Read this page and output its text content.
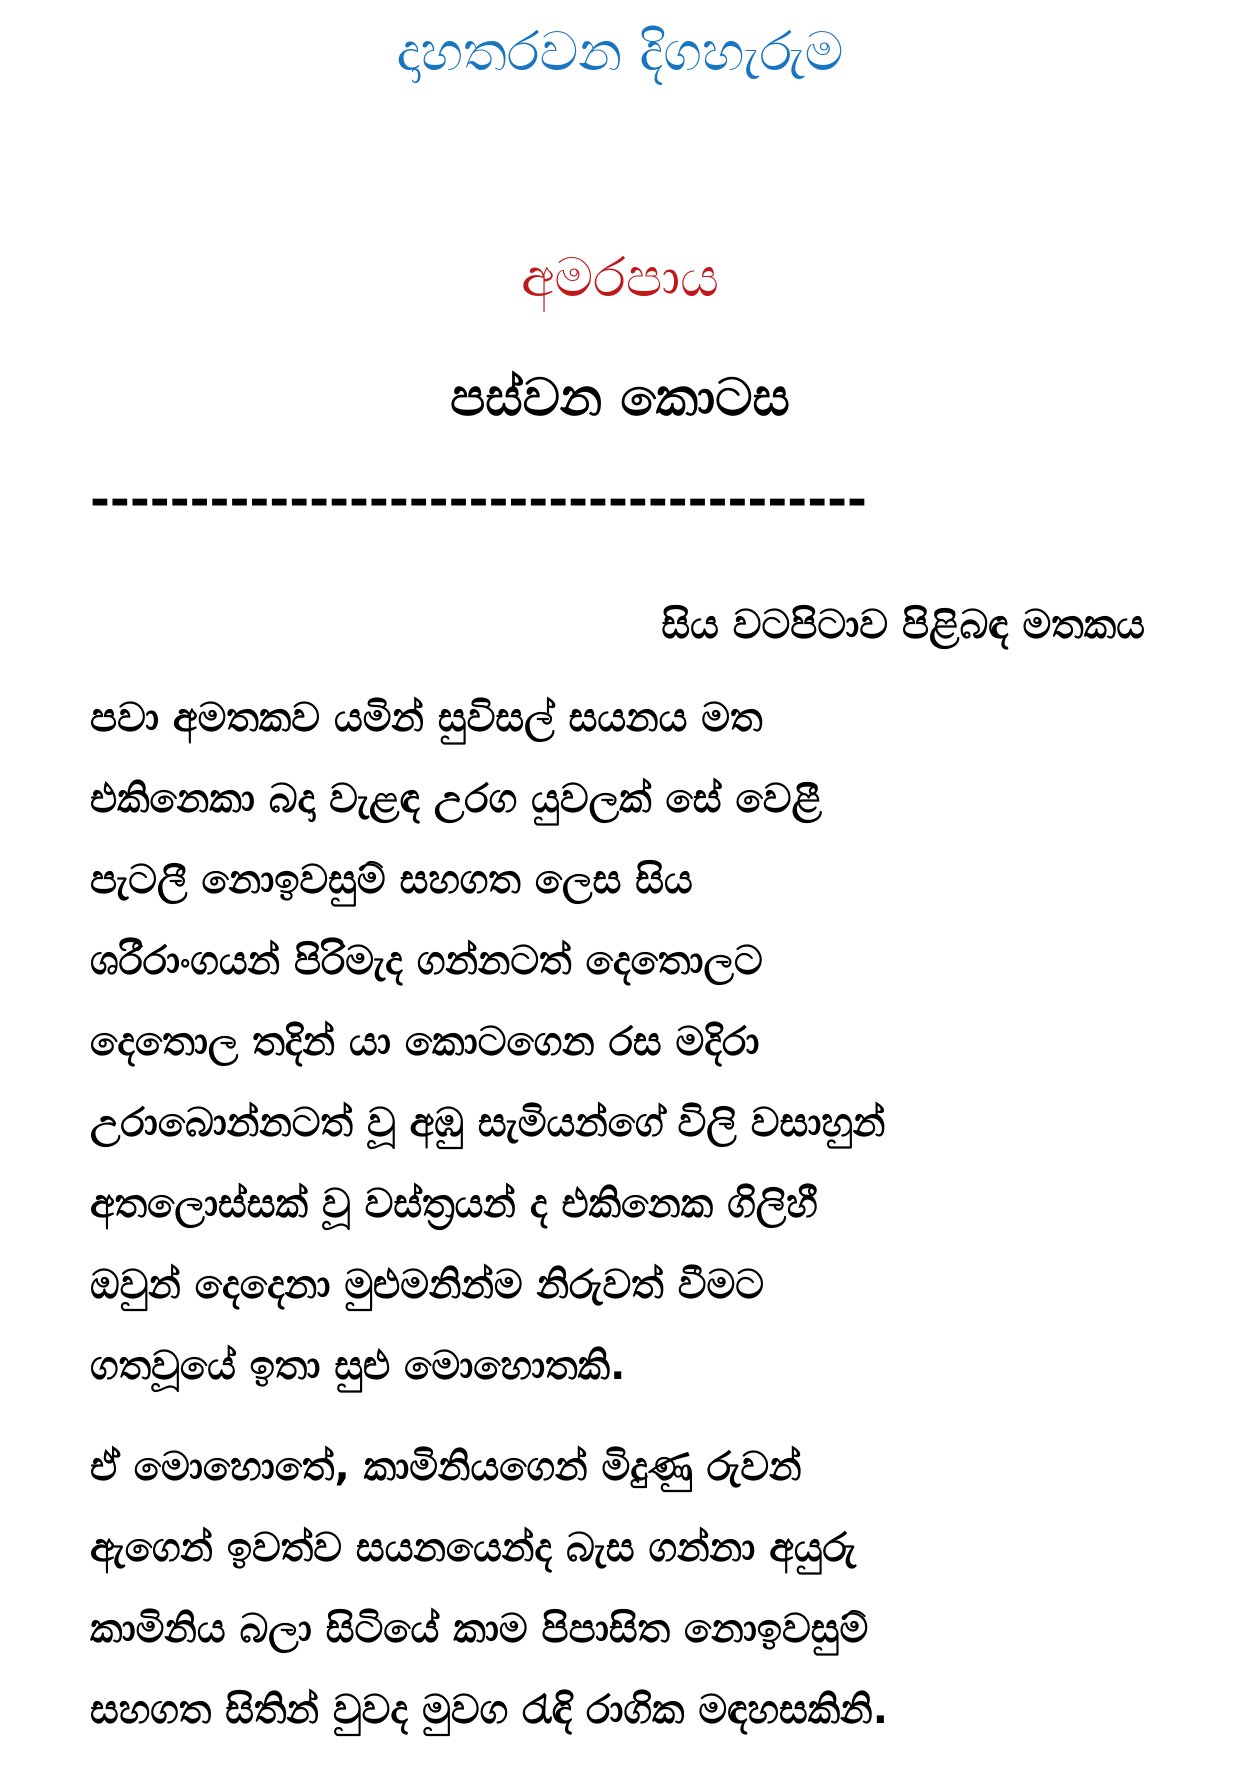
දාහතරවන දිගහැරුම
අමරපාය
පස්වන කොටස
---------------------------------------
සිය වටපිටාව පිළිබඳ මතකය

පවා අමතකව යමින් සුවිසල් සයනය මත
එකිනෙකා බදා වැළඳ උරග යුවලක් සේ වෙළී
පැටලී නොඉවසුම් සහගත ලෙස සිය
ශරීරාංගයන් පිරිමැද ගන්නටත් දෙතොලට
දෙතොල තදින් යා කොටගෙන රස මදිරා
උරාබොන්නටත් වූ අඹු සැමියන්ගේ විලි වසාහුන්
අතලොස්සක් වූ වස්ත්‍රයන් ද එකිනෙක ගිලිහී
ඔවුන් දෙදෙනා මුළුමනින්ම නිරුවත් වීමට
ගතවූයේ ඉතා සුළු මොහොතකි.

ඒ මොහොතේ, කාමිනියගෙන් මිදුණු රුවන්
ඇගෙන් ඉවත්ව සයනයෙන්ද බැස ගන්නා අයුරු
කාමිනිය බලා සිටියේ කාම පිපාසිත නොඉවසුම්
සහගත සිතින් වුවද මුවග රැඳි රාගික මඳහසකිනි.
